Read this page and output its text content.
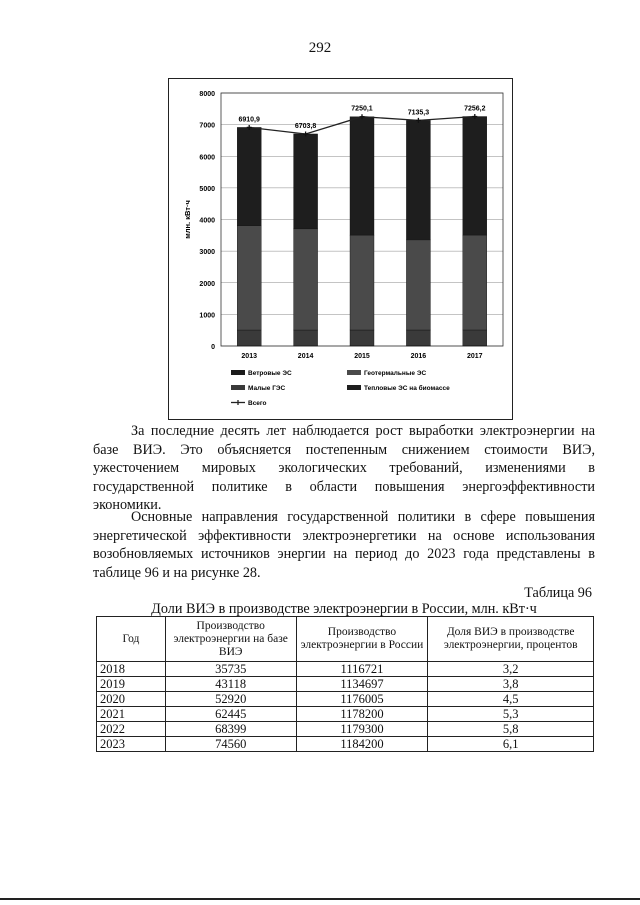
292
0
1000
2000
3000
4000
5000
6000
7000
8000
млн. кВт·ч
2013	2014	2015	2016	2017
6910,9
6703,8
7250,1
7135,3
7256,2
Ветровые ЭС	Геотермальные ЭС
Малые ГЭС	Тепловые ЭС на биомассе
Всего

За последние десять лет наблюдается рост выработки электроэнергии на базе ВИЭ. Это объясняется постепенным снижением стоимости ВИЭ, ужесточением мировых экологических требований, изменениями в государственной политике в области повышения энергоэффективности экономики.

Основные направления государственной политики в сфере повышения энергетической эффективности электроэнергетики на основе использования возобновляемых источников энергии на период до 2023 года представлены в таблице 96 и на рисунке 28.

Таблица 96
Доли ВИЭ в производстве электроэнергии в России, млн. кВт·ч
Год	Производство электроэнергии на базе ВИЭ	Производство электроэнергии в России	Доля ВИЭ в производстве электроэнергии, процентов
2018	35735	1116721	3,2
2019	43118	1134697	3,8
2020	52920	1176005	4,5
2021	62445	1178200	5,3
2022	68399	1179300	5,8
2023	74560	1184200	6,1
